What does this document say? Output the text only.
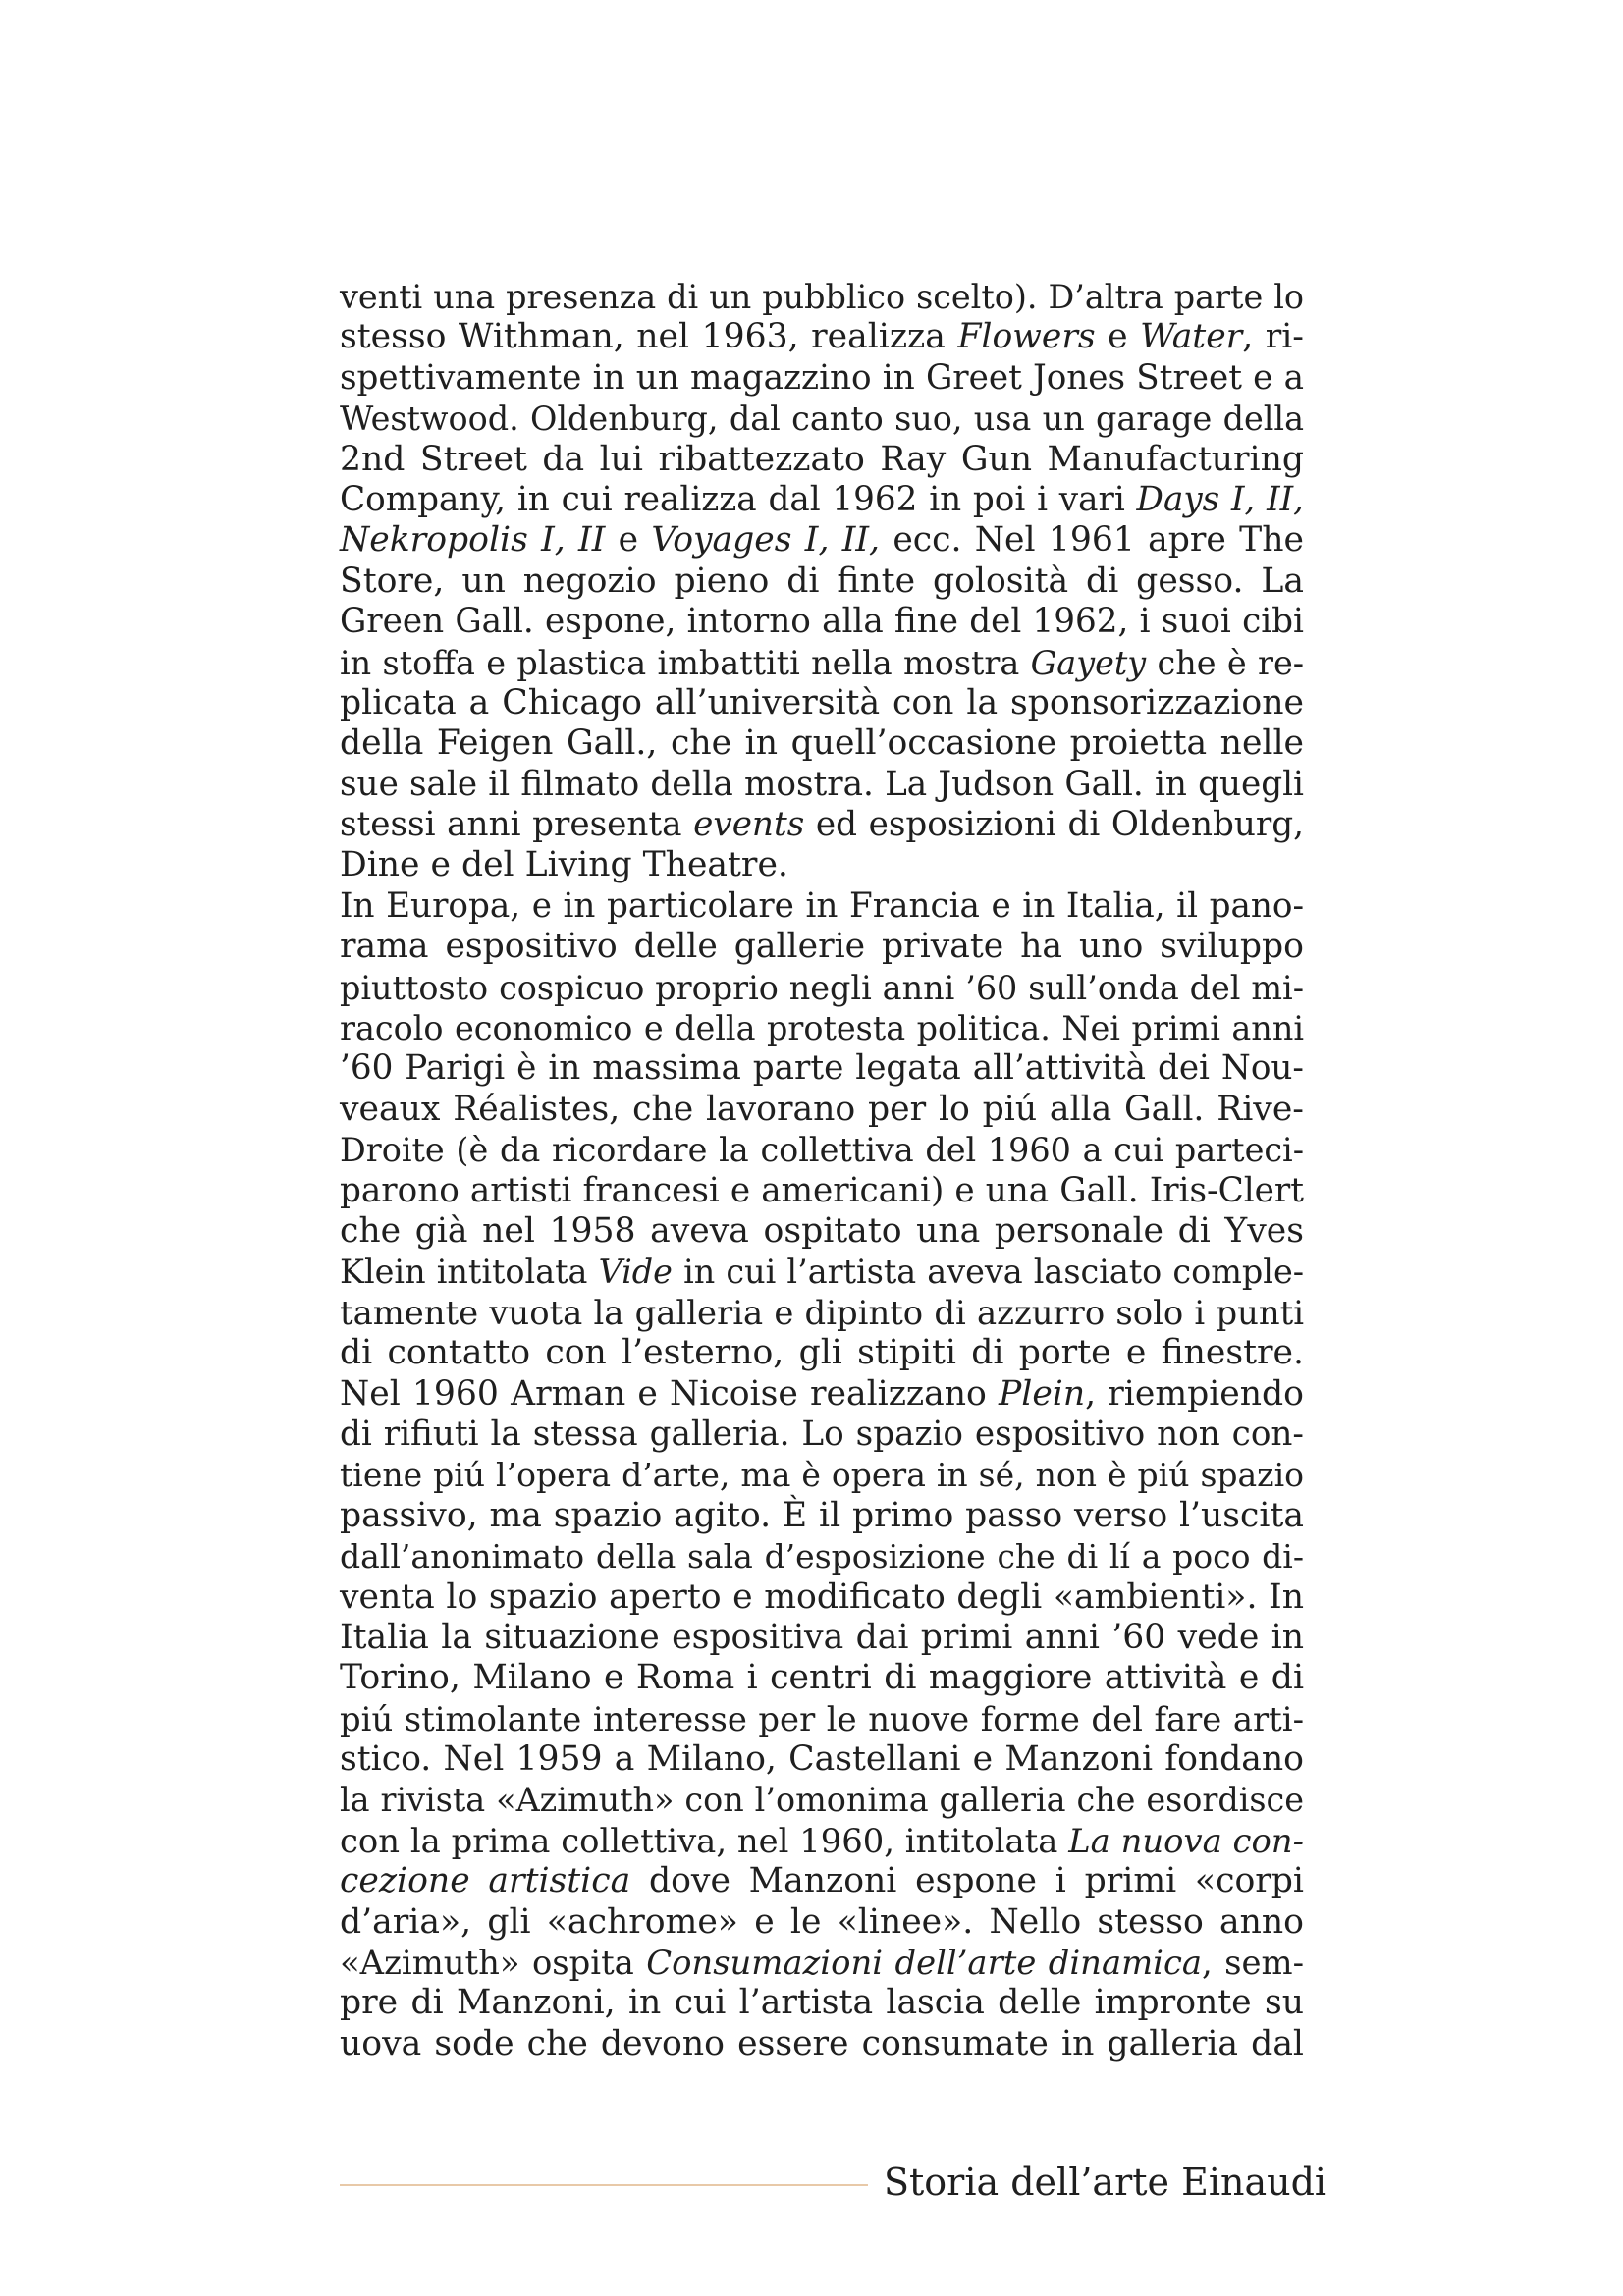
venti una presenza di un pubblico scelto). D’altra parte lo
stesso Withman, nel 1963, realizza Flowers e Water, ri-
spettivamente in un magazzino in Greet Jones Street e a
Westwood. Oldenburg, dal canto suo, usa un garage della
2nd Street da lui ribattezzato Ray Gun Manufacturing
Company, in cui realizza dal 1962 in poi i vari Days I, II,
Nekropolis I, II e Voyages I, II, ecc. Nel 1961 apre The
Store, un negozio pieno di finte golosità di gesso. La
Green Gall. espone, intorno alla fine del 1962, i suoi cibi
in stoffa e plastica imbattiti nella mostra Gayety che è re-
plicata a Chicago all’università con la sponsorizzazione
della Feigen Gall., che in quell’occasione proietta nelle
sue sale il filmato della mostra. La Judson Gall. in quegli
stessi anni presenta events ed esposizioni di Oldenburg,
Dine e del Living Theatre.
In Europa, e in particolare in Francia e in Italia, il pano-
rama espositivo delle gallerie private ha uno sviluppo
piuttosto cospicuo proprio negli anni ’60 sull’onda del mi-
racolo economico e della protesta politica. Nei primi anni
’60 Parigi è in massima parte legata all’attività dei Nou-
veaux Réalistes, che lavorano per lo piú alla Gall. Rive-
Droite (è da ricordare la collettiva del 1960 a cui parteci-
parono artisti francesi e americani) e una Gall. Iris-Clert
che già nel 1958 aveva ospitato una personale di Yves
Klein intitolata Vide in cui l’artista aveva lasciato comple-
tamente vuota la galleria e dipinto di azzurro solo i punti
di contatto con l’esterno, gli stipiti di porte e finestre.
Nel 1960 Arman e Nicoise realizzano Plein, riempiendo
di rifiuti la stessa galleria. Lo spazio espositivo non con-
tiene piú l’opera d’arte, ma è opera in sé, non è piú spazio
passivo, ma spazio agito. È il primo passo verso l’uscita
dall’anonimato della sala d’esposizione che di lí a poco di-
venta lo spazio aperto e modificato degli «ambienti». In
Italia la situazione espositiva dai primi anni ’60 vede in
Torino, Milano e Roma i centri di maggiore attività e di
piú stimolante interesse per le nuove forme del fare arti-
stico. Nel 1959 a Milano, Castellani e Manzoni fondano
la rivista «Azimuth» con l’omonima galleria che esordisce
con la prima collettiva, nel 1960, intitolata La nuova con-
cezione artistica dove Manzoni espone i primi «corpi
d’aria», gli «achrome» e le «linee». Nello stesso anno
«Azimuth» ospita Consumazioni dell’arte dinamica, sem-
pre di Manzoni, in cui l’artista lascia delle impronte su
uova sode che devono essere consumate in galleria dal
Storia dell’arte Einaudi
